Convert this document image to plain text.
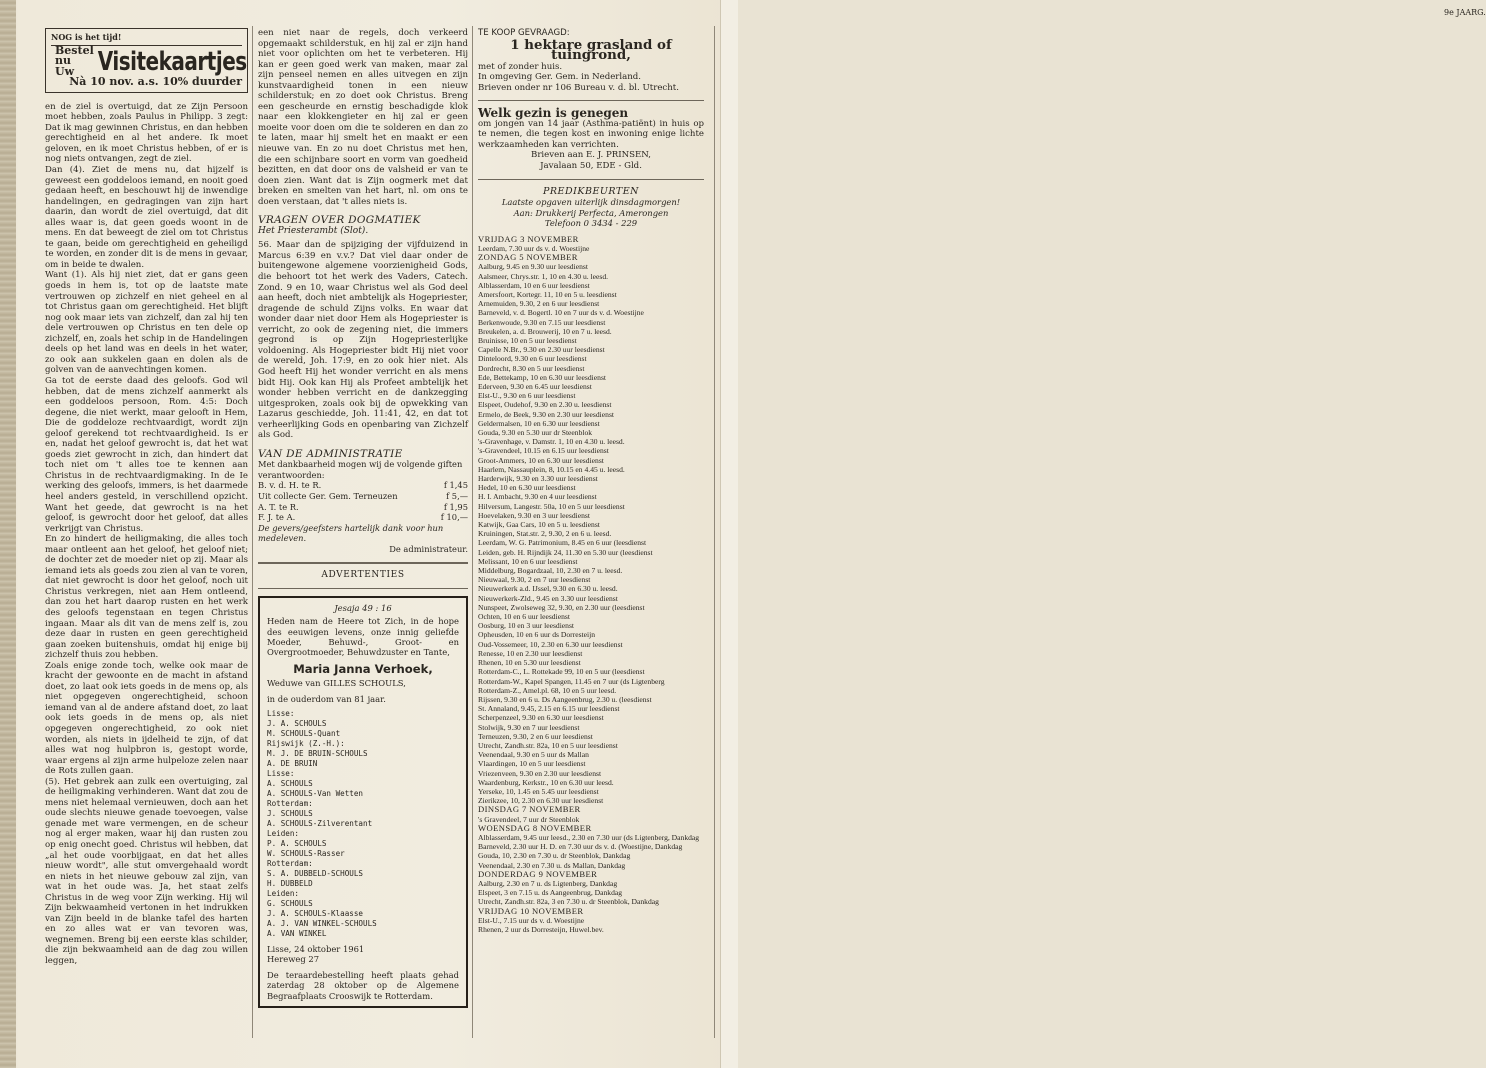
NOG is het tijd!
Bestel nu Uw	Visitekaartjes
Nà 10 nov. a.s. 10% duurder

en de ziel is overtuigd, dat ze Zijn Persoon moet hebben, zoals Paulus in Philipp. 3 zegt: Dat ik mag gewinnen Christus, en dan hebben gerechtigheid en al het andere. Ik moet geloven, en ik moet Christus hebben, of er is nog niets ontvangen, zegt de ziel.

Dan (4). Ziet de mens nu, dat hijzelf is geweest een goddeloos iemand, en nooit goed gedaan heeft, en beschouwt hij de inwendige handelingen, en gedragingen van zijn hart daarin, dan wordt de ziel overtuigd, dat dit alles waar is, dat geen goeds woont in de mens. En dat beweegt de ziel om tot Christus te gaan, beide om gerechtigheid en geheiligd te worden, en zonder dit is de mens in gevaar, om in beide te dwalen.

Want (1). Als hij niet ziet, dat er gans geen goeds in hem is, tot op de laatste mate vertrouwen op zichzelf en niet geheel en al tot Christus gaan om gerechtigheid. Het blijft nog ook maar iets van zichzelf, dan zal hij ten dele vertrouwen op Christus en ten dele op zichzelf, en, zoals het schip in de Handelingen deels op het land was en deels in het water, zo ook aan sukkelen gaan en dolen als de golven van de aanvechtingen komen.

Ga tot de eerste daad des geloofs. God wil hebben, dat de mens zichzelf aanmerkt als een goddeloos persoon, Rom. 4:5: Doch degene, die niet werkt, maar gelooft in Hem, Die de goddeloze rechtvaardigt, wordt zijn geloof gerekend tot rechtvaardigheid. Is er en, nadat het geloof gewrocht is, dat het wat goeds ziet gewrocht in zich, dan hindert dat toch niet om 't alles toe te kennen aan Christus in de rechtvaardigmaking. In de Ie werking des geloofs, immers, is het daarmede heel anders gesteld, in verschillend opzicht. Want het geede, dat gewrocht is na het geloof, is gewrocht door het geloof, dat alles verkrijgt van Christus.

En zo hindert de heiligmaking, die alles toch maar ontleent aan het geloof, het geloof niet; de dochter zet de moeder niet op zij. Maar als iemand iets als goeds zou zien al van te voren, dat niet gewrocht is door het geloof, noch uit Christus verkregen, niet aan Hem ontleend, dan zou het hart daarop rusten en het werk des geloofs tegenstaan en tegen Christus ingaan. Maar als dit van de mens zelf is, zou deze daar in rusten en geen gerechtigheid gaan zoeken buitenshuis, omdat hij enige bij zichzelf thuis zou hebben.

Zoals enige zonde toch, welke ook maar de kracht der gewoonte en de macht in afstand doet, zo laat ook iets goeds in de mens op, als niet opgegeven ongerechtigheid, schoon iemand van al de andere afstand doet, zo laat ook iets goeds in de mens op, als niet opgegeven ongerechtigheid, zo ook niet worden, als niets in ijdelheid te zijn, of dat alles wat nog hulpbron is, gestopt worde, waar ergens al zijn arme hulpeloze zelen naar de Rots zullen gaan.

(5). Het gebrek aan zulk een overtuiging, zal de heiligmaking verhinderen. Want dat zou de mens niet helemaal vernieuwen, doch aan het oude slechts nieuwe genade toevoegen, valse genade met ware vermengen, en de scheur nog al erger maken, waar hij dan rusten zou op enig onecht goed. Christus wil hebben, dat „al het oude voorbijgaat, en dat het alles nieuw wordt", alle stut omvergehaald wordt en niets in het nieuwe gebouw zal zijn, van wat in het oude was. Ja, het staat zelfs Christus in de weg voor Zijn werking. Hij wil Zijn bekwaamheid vertonen in het indrukken van Zijn beeld in de blanke tafel des harten en zo alles wat er van tevoren was, wegnemen. Breng bij een eerste klas schilder, die zijn bekwaamheid aan de dag zou willen leggen,

een niet naar de regels, doch verkeerd opgemaakt schilderstuk, en hij zal er zijn hand niet voor oplichten om het te verbeteren. Hij kan er geen goed werk van maken, maar zal zijn penseel nemen en alles uitvegen en zijn kunstvaardigheid tonen in een nieuw schilderstuk; en zo doet ook Christus. Breng een gescheurde en ernstig beschadigde klok naar een klokkengieter en hij zal er geen moeite voor doen om die te solderen en dan zo te laten, maar hij smelt het en maakt er een nieuwe van. En zo nu doet Christus met hen, die een schijnbare soort en vorm van goedheid bezitten, en dat door ons de valsheid er van te doen zien. Want dat is Zijn oogmerk met dat breken en smelten van het hart, nl. om ons te doen verstaan, dat 't alles niets is.

VRAGEN OVER DOGMATIEK
Het Priesterambt (Slot).

56. Maar dan de spijziging der vijfduizend in Marcus 6:39 en v.v.? Dat viel daar onder de buitengewone algemene voorzienigheid Gods, die behoort tot het werk des Vaders, Catech. Zond. 9 en 10, waar Christus wel als God deel aan heeft, doch niet ambtelijk als Hogepriester, dragende de schuld Zijns volks. En waar dat wonder daar niet door Hem als Hogepriester is verricht, zo ook de zegening niet, die immers gegrond is op Zijn Hogepriesterlijke voldoening. Als Hogepriester bidt Hij niet voor de wereld, Joh. 17:9, en zo ook hier niet. Als God heeft Hij het wonder verricht en als mens bidt Hij. Ook kan Hij als Profeet ambtelijk het wonder hebben verricht en de dankzegging uitgesproken, zoals ook bij de opwekking van Lazarus geschiedde, Joh. 11:41, 42, en dat tot verheerlijking Gods en openbaring van Zichzelf als God.

VAN DE ADMINISTRATIE
Met dankbaarheid mogen wij de volgende giften verantwoorden:
B. v. d. H. te R.	f 1,45
Uit collecte Ger. Gem. Terneuzen	f 5,—
A. T. te R.	f 1,95
F. J. te A.	f 10,—
De gevers/geefsters hartelijk dank voor hun medeleven.
De administrateur.
ADVERTENTIES
Jesaja 49 : 16

Heden nam de Heere tot Zich, in de hope des eeuwigen levens, onze innig geliefde Moeder, Behuwd-, Groot- en Overgrootmoeder, Behuwdzuster en Tante,

Maria Janna Verhoek,
Weduwe van GILLES SCHOULS,
in de ouderdom van 81 jaar.
Lisse:
J. A. SCHOULS
M. SCHOULS-Quant
Rijswijk (Z.-H.):
M. J. DE BRUIN-SCHOULS
A. DE BRUIN
Lisse:
A. SCHOULS
A. SCHOULS-Van Wetten
Rotterdam:
J. SCHOULS
A. SCHOULS-Zilverentant
Leiden:
P. A. SCHOULS
W. SCHOULS-Rasser
Rotterdam:
S. A. DUBBELD-SCHOULS
H. DUBBELD
Leiden:
G. SCHOULS
J. A. SCHOULS-Klaasse
A. J. VAN WINKEL-SCHOULS
A. VAN WINKEL
Lisse, 24 oktober 1961
Hereweg 27

De teraardebestelling heeft plaats gehad zaterdag 28 oktober op de Algemene Begraafplaats Crooswijk te Rotterdam.

TE KOOP GEVRAAGD:
1 hektare grasland of tuingrond,
met of zonder huis.
In omgeving Ger. Gem. in Nederland.
Brieven onder nr 106 Bureau v. d. bl. Utrecht.
Welk gezin is genegen

om jongen van 14 jaar (Asthma-patiënt) in huis op te nemen, die tegen kost en inwoning enige lichte werkzaamheden kan verrichten.

Brieven aan E. J. PRINSEN,
Javalaan 50, EDE - Gld.
PREDIKBEURTEN
Laatste opgaven uiterlijk dinsdagmorgen!
Aan: Drukkerij Perfecta, Amerongen
Telefoon 0 3434 - 229
VRIJDAG 3 NOVEMBER
Leerdam, 7.30 uur ds v. d. Woestijne
ZONDAG 5 NOVEMBER
Aalburg, 9.45 en 9.30 uur leesdienst
Aalsmeer, Chrys.str. 1, 10 en 4.30 u. leesd.
Alblasserdam, 10 en 6 uur leesdienst
Amersfoort, Kortegr. 11, 10 en 5 u. leesdienst
Arnemuiden, 9.30, 2 en 6 uur leesdienst
Barneveld, v. d. Bogertl. 10 en 7 uur ds v. d. Woestijne
Berkenwoude, 9.30 en 7.15 uur leesdienst
Breukelen, a. d. Brouwerij, 10 en 7 u. leesd.
Bruinisse, 10 en 5 uur leesdienst
Capelle N.Br., 9.30 en 2.30 uur leesdienst
Dinteloord, 9.30 en 6 uur leesdienst
Dordrecht, 8.30 en 5 uur leesdienst
Ede, Bettekamp, 10 en 6.30 uur leesdienst
Ederveen, 9.30 en 6.45 uur leesdienst
Elst-U., 9.30 en 6 uur leesdienst
Elspeet, Oudehof, 9.30 en 2.30 u. leesdienst
Ermelo, de Beek, 9.30 en 2.30 uur leesdienst
Geldermalsen, 10 en 6.30 uur leesdienst
Gouda, 9.30 en 5.30 uur dr Steenblok
's-Gravenhage, v. Damstr. 1, 10 en 4.30 u. leesd.
's-Gravendeel, 10.15 en 6.15 uur leesdienst
Groot-Ammers, 10 en 6.30 uur leesdienst
Haarlem, Nassauplein, 8, 10.15 en 4.45 u. leesd.
Harderwijk, 9.30 en 3.30 uur leesdienst
Hedel, 10 en 6.30 uur leesdienst
H. I. Ambacht, 9.30 en 4 uur leesdienst
Hilversum, Langestr. 50a, 10 en 5 uur leesdienst
Hoevelaken, 9.30 en 3 uur leesdienst
Katwijk, Gaa Cars, 10 en 5 u. leesdienst
Kruiningen, Stat.str. 2, 9.30, 2 en 6 u. leesd.
Leerdam, W. G. Patrimonium, 8.45 en 6 uur (leesdienst
Leiden, geb. H. Rijndijk 24, 11.30 en 5.30 uur (leesdienst
Melissant, 10 en 6 uur leesdienst
Middelburg, Bogardzaal, 10, 2.30 en 7 u. leesd.
Nieuwaal, 9.30, 2 en 7 uur leesdienst
Nieuwerkerk a.d. IJssel, 9.30 en 6.30 u. leesd.
Nieuwerkerk-Zld., 9.45 en 3.30 uur leesdienst
Nunspeet, Zwolseweg 32, 9.30, en 2.30 uur (leesdienst
Ochten, 10 en 6 uur leesdienst
Oosburg, 10 en 3 uur leesdienst
Opheusden, 10 en 6 uur ds Dorresteijn
Oud-Vossemeer, 10, 2.30 en 6.30 uur leesdienst
Renesse, 10 en 2.30 uur leesdienst
Rhenen, 10 en 5.30 uur leesdienst
Rotterdam-C., L. Rottekade 99, 10 en 5 uur (leesdienst
Rotterdam-W., Kapel Spangen, 11.45 en 7 uur (ds Ligtenberg
Rotterdam-Z., Amel.pl. 68, 10 en 5 uur leesd.
Rijssen, 9.30 en 6 u. Ds Aangeenbrug, 2.30 u. (leesdienst
St. Annaland, 9.45, 2.15 en 6.15 uur leesdienst
Scherpenzeel, 9.30 en 6.30 uur leesdienst
Stolwijk, 9.30 en 7 uur leesdienst
Terneuzen, 9.30, 2 en 6 uur leesdienst
Utrecht, Zandh.str. 82a, 10 en 5 uur leesdienst
Veenendaal, 9.30 en 5 uur ds Mallan
Vlaardingen, 10 en 5 uur leesdienst
Vriezenveen, 9.30 en 2.30 uur leesdienst
Waardenburg, Kerkstr., 10 en 6.30 uur leesd.
Yerseke, 10, 1.45 en 5.45 uur leesdienst
Zierikzee, 10, 2.30 en 6.30 uur leesdienst
DINSDAG 7 NOVEMBER
's Gravendeel, 7 uur dr Steenblok
WOENSDAG 8 NOVEMBER
Alblasserdam, 9.45 uur leesd., 2.30 en 7.30 uur (ds Ligtenberg, Dankdag
Barneveld, 2.30 uur H. D. en 7.30 uur ds v. d. (Woestijne, Dankdag
Gouda, 10, 2.30 en 7.30 u. dr Steenblok, Dankdag
Veenendaal, 2.30 en 7.30 u. ds Mallan, Dankdag
DONDERDAG 9 NOVEMBER
Aalburg, 2.30 en 7 u. ds Ligtenberg, Dankdag
Elspeet, 3 en 7.15 u. ds Aangeenbrug, Dankdag
Utrecht, Zandh.str. 82a, 3 en 7.30 u. dr Steenblok, Dankdag
VRIJDAG 10 NOVEMBER
Elst-U., 7.15 uur ds v. d. Woestijne
Rhenen, 2 uur ds Dorresteijn, Huwel.bev.
9e JAARG.
